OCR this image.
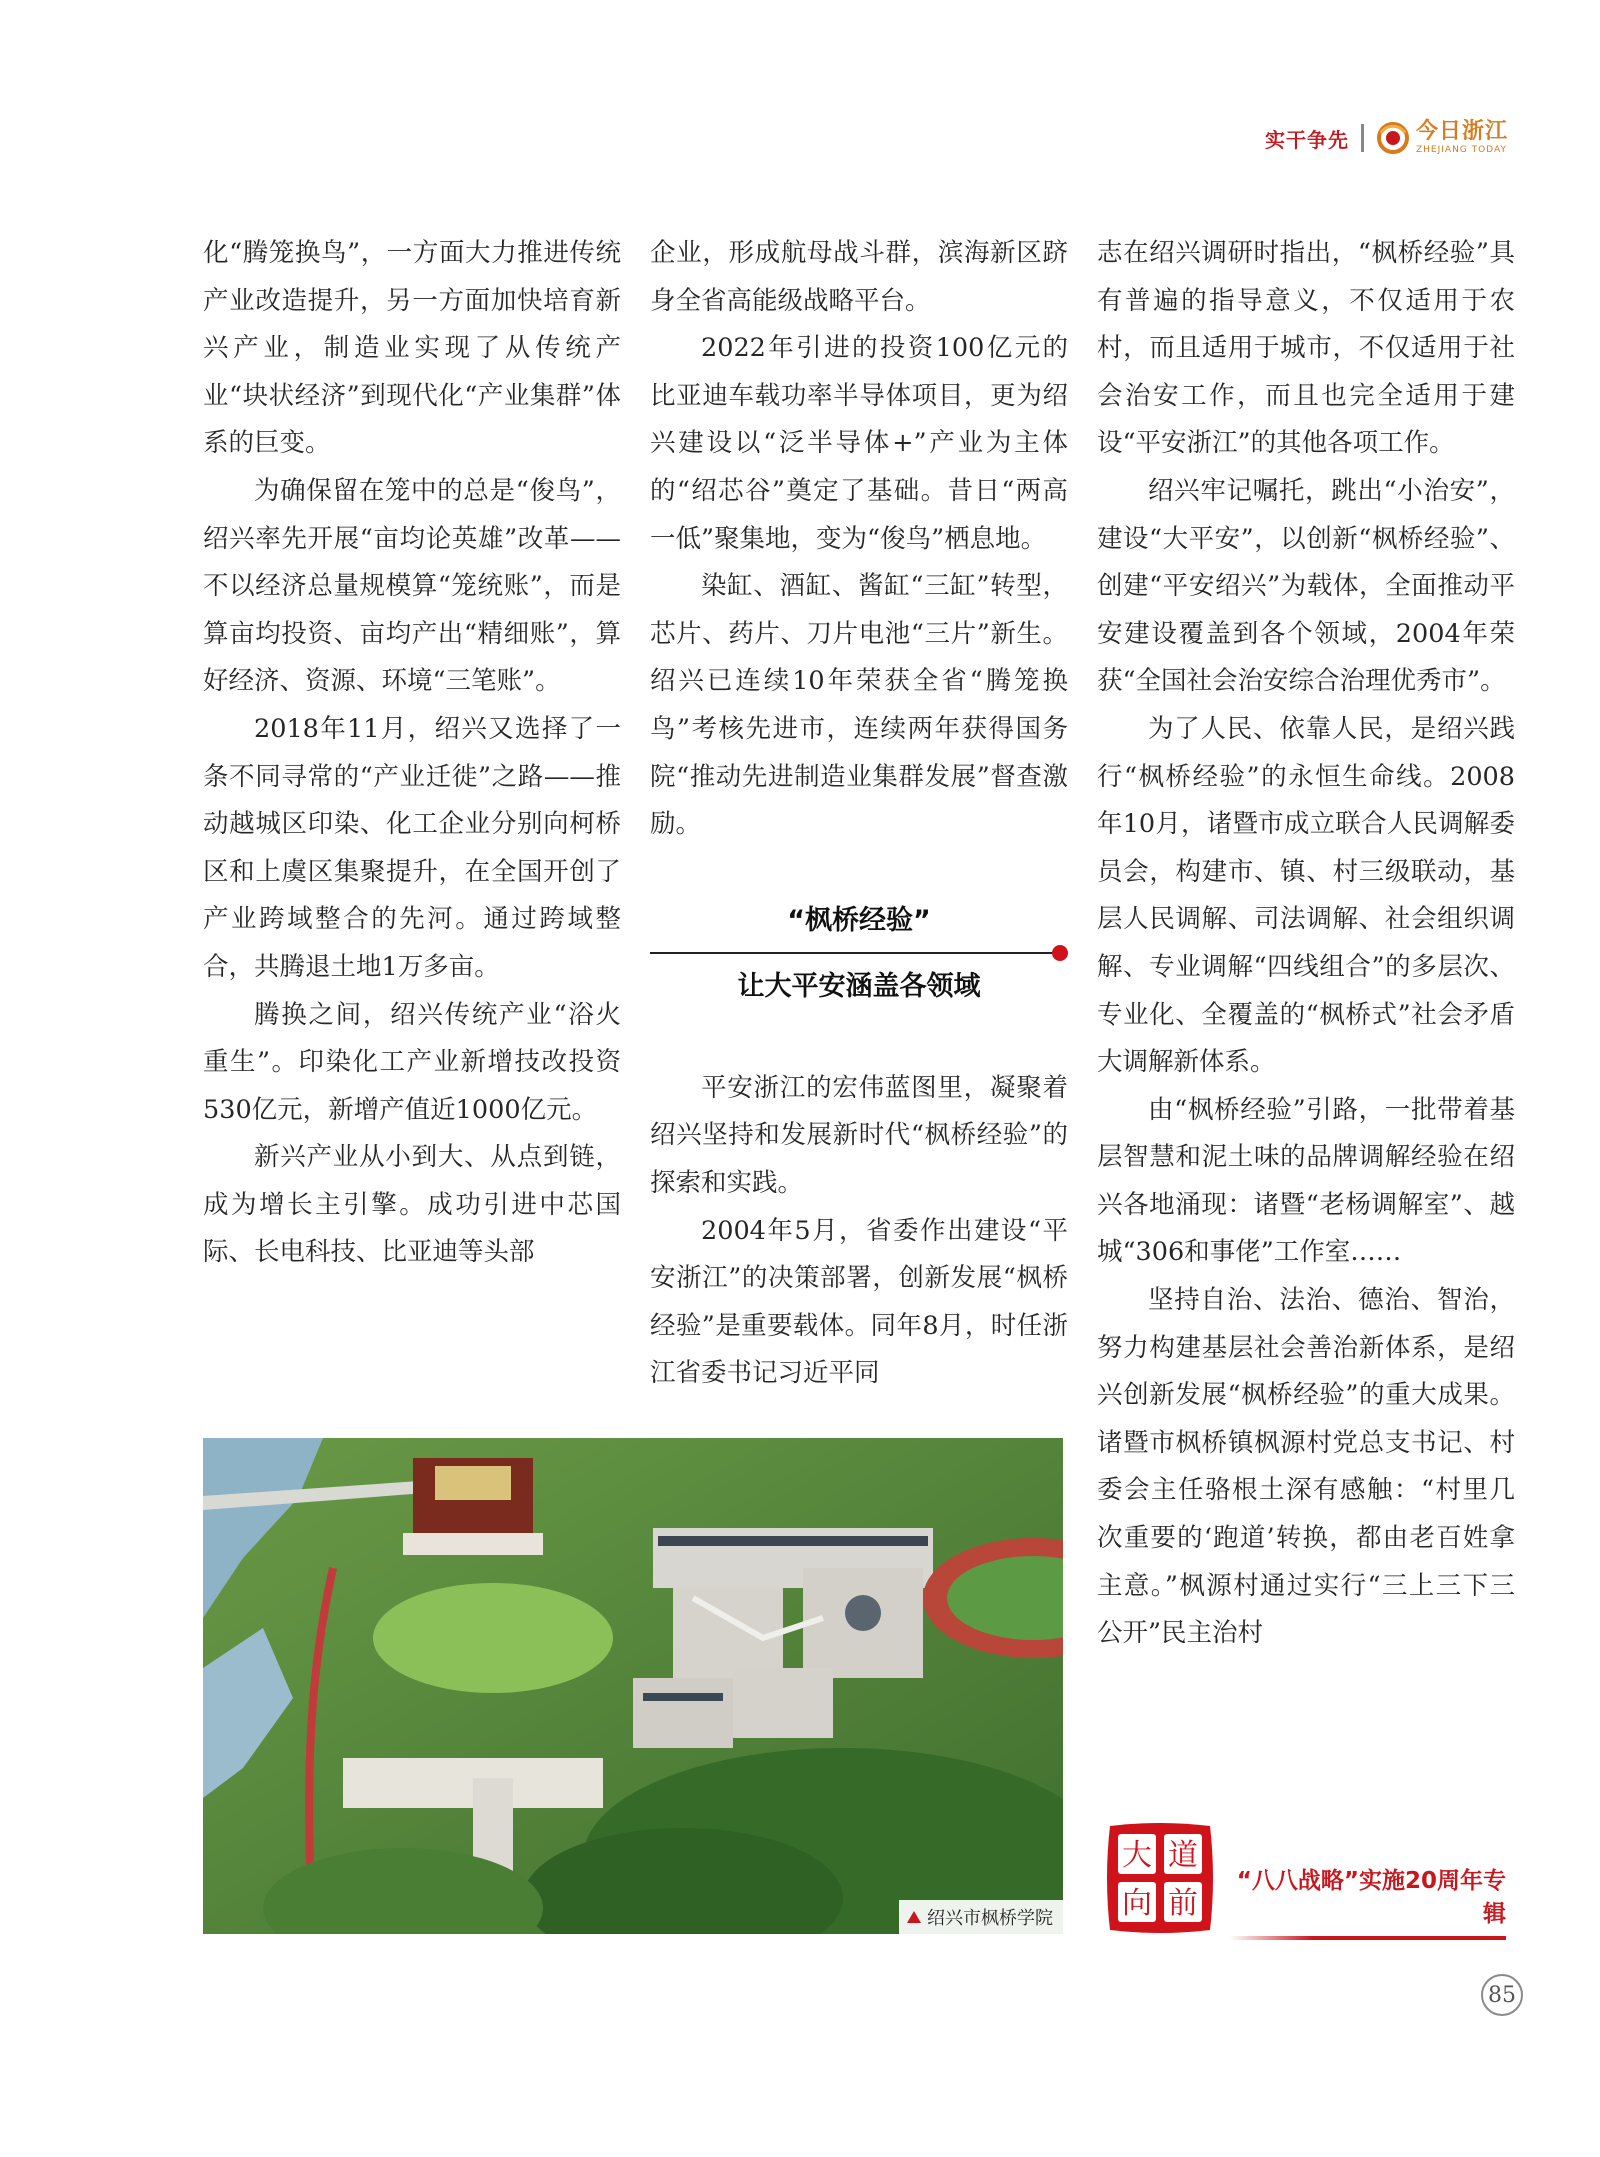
实干争先	今日浙江
ZHEJIANG TODAY

化“腾笼换鸟”，一方面大力推进传统产业改造提升，另一方面加快培育新兴产业，制造业实现了从传统产业“块状经济”到现代化“产业集群”体系的巨变。

为确保留在笼中的总是“俊鸟”，绍兴率先开展“亩均论英雄”改革——不以经济总量规模算“笼统账”，而是算亩均投资、亩均产出“精细账”，算好经济、资源、环境“三笔账”。

2018年11月，绍兴又选择了一条不同寻常的“产业迁徙”之路——推动越城区印染、化工企业分别向柯桥区和上虞区集聚提升，在全国开创了产业跨域整合的先河。通过跨域整合，共腾退土地1万多亩。

腾换之间，绍兴传统产业“浴火重生”。印染化工产业新增技改投资530亿元，新增产值近1000亿元。

新兴产业从小到大、从点到链，成为增长主引擎。成功引进中芯国际、长电科技、比亚迪等头部

企业，形成航母战斗群，滨海新区跻身全省高能级战略平台。

2022年引进的投资100亿元的比亚迪车载功率半导体项目，更为绍兴建设以“泛半导体+”产业为主体的“绍芯谷”奠定了基础。昔日“两高一低”聚集地，变为“俊鸟”栖息地。

染缸、酒缸、酱缸“三缸”转型，芯片、药片、刀片电池“三片”新生。绍兴已连续10年荣获全省“腾笼换鸟”考核先进市，连续两年获得国务院“推动先进制造业集群发展”督查激励。

“枫桥经验”
让大平安涵盖各领域

平安浙江的宏伟蓝图里，凝聚着绍兴坚持和发展新时代“枫桥经验”的探索和实践。

2004年5月，省委作出建设“平安浙江”的决策部署，创新发展“枫桥经验”是重要载体。同年8月，时任浙江省委书记习近平同

志在绍兴调研时指出，“枫桥经验”具有普遍的指导意义，不仅适用于农村，而且适用于城市，不仅适用于社会治安工作，而且也完全适用于建设“平安浙江”的其他各项工作。

绍兴牢记嘱托，跳出“小治安”，建设“大平安”，以创新“枫桥经验”、创建“平安绍兴”为载体，全面推动平安建设覆盖到各个领域，2004年荣获“全国社会治安综合治理优秀市”。

为了人民、依靠人民，是绍兴践行“枫桥经验”的永恒生命线。2008年10月，诸暨市成立联合人民调解委员会，构建市、镇、村三级联动，基层人民调解、司法调解、社会组织调解、专业调解“四线组合”的多层次、专业化、全覆盖的“枫桥式”社会矛盾大调解新体系。

由“枫桥经验”引路，一批带着基层智慧和泥土味的品牌调解经验在绍兴各地涌现：诸暨“老杨调解室”、越城“306和事佬”工作室……

坚持自治、法治、德治、智治，努力构建基层社会善治新体系，是绍兴创新发展“枫桥经验”的重大成果。诸暨市枫桥镇枫源村党总支书记、村委会主任骆根土深有感触：“村里几次重要的‘跑道’转换，都由老百姓拿主意。”枫源村通过实行“三上三下三公开”民主治村

绍兴市枫桥学院
大 道
向 前
“八八战略”实施20周年专辑
85
